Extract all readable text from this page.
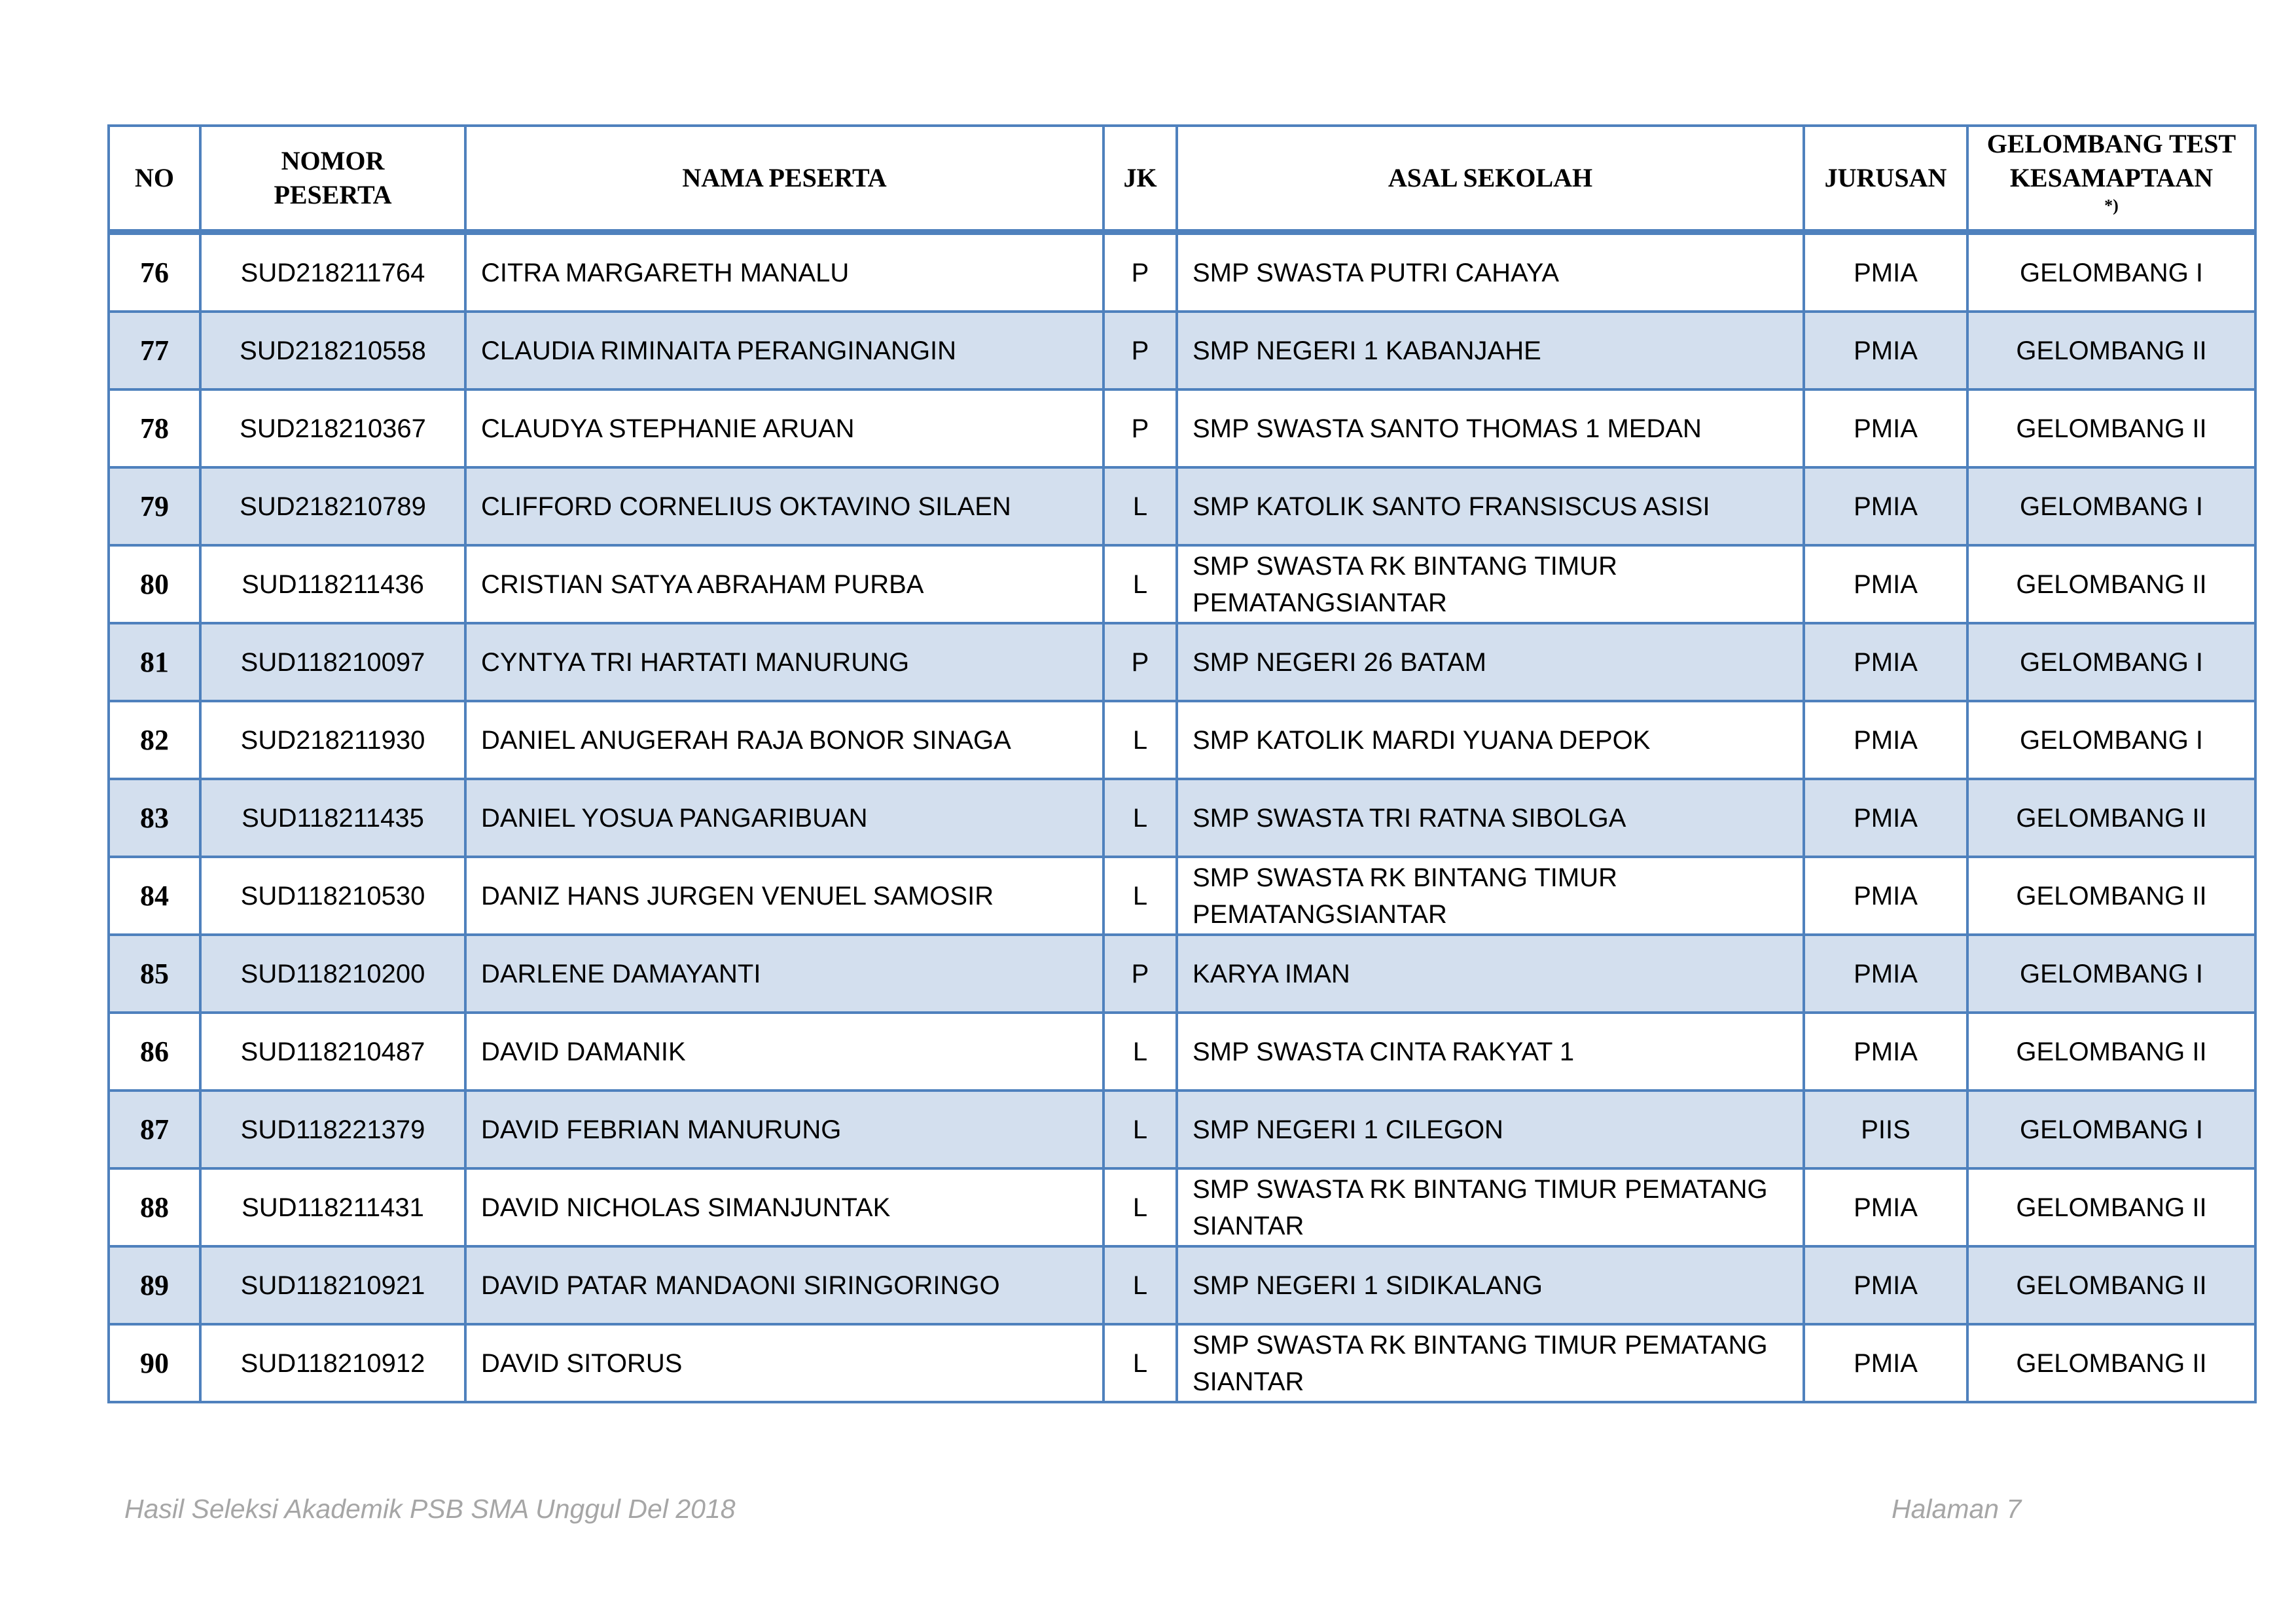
NO	NOMOR PESERTA	NAMA PESERTA	JK	ASAL SEKOLAH	JURUSAN	GELOMBANG TEST KESAMAPTAAN*)
76	SUD218211764	CITRA MARGARETH MANALU	P	SMP SWASTA PUTRI CAHAYA	PMIA	GELOMBANG I
77	SUD218210558	CLAUDIA RIMINAITA PERANGINANGIN	P	SMP NEGERI 1 KABANJAHE	PMIA	GELOMBANG II
78	SUD218210367	CLAUDYA STEPHANIE ARUAN	P	SMP SWASTA SANTO THOMAS 1 MEDAN	PMIA	GELOMBANG II
79	SUD218210789	CLIFFORD CORNELIUS OKTAVINO SILAEN	L	SMP KATOLIK SANTO FRANSISCUS ASISI	PMIA	GELOMBANG I
80	SUD118211436	CRISTIAN SATYA ABRAHAM PURBA	L	SMP SWASTA RK BINTANG TIMUR PEMATANGSIANTAR	PMIA	GELOMBANG II
81	SUD118210097	CYNTYA TRI HARTATI MANURUNG	P	SMP NEGERI 26 BATAM	PMIA	GELOMBANG I
82	SUD218211930	DANIEL ANUGERAH RAJA BONOR SINAGA	L	SMP KATOLIK MARDI YUANA DEPOK	PMIA	GELOMBANG I
83	SUD118211435	DANIEL YOSUA PANGARIBUAN	L	SMP SWASTA TRI RATNA SIBOLGA	PMIA	GELOMBANG II
84	SUD118210530	DANIZ HANS JURGEN VENUEL SAMOSIR	L	SMP SWASTA RK BINTANG TIMUR PEMATANGSIANTAR	PMIA	GELOMBANG II
85	SUD118210200	DARLENE DAMAYANTI	P	KARYA IMAN	PMIA	GELOMBANG I
86	SUD118210487	DAVID DAMANIK	L	SMP SWASTA CINTA RAKYAT 1	PMIA	GELOMBANG II
87	SUD118221379	DAVID FEBRIAN MANURUNG	L	SMP NEGERI 1 CILEGON	PIIS	GELOMBANG I
88	SUD118211431	DAVID NICHOLAS SIMANJUNTAK	L	SMP SWASTA RK BINTANG TIMUR PEMATANG SIANTAR	PMIA	GELOMBANG II
89	SUD118210921	DAVID PATAR MANDAONI SIRINGORINGO	L	SMP NEGERI 1 SIDIKALANG	PMIA	GELOMBANG II
90	SUD118210912	DAVID SITORUS	L	SMP SWASTA RK BINTANG TIMUR PEMATANG SIANTAR	PMIA	GELOMBANG II
Hasil Seleksi Akademik PSB SMA Unggul Del 2018	Halaman 7
